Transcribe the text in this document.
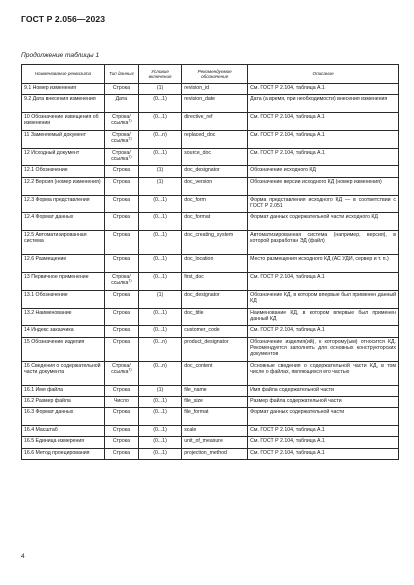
ГОСТ Р 2.056—2023
Продолжение таблицы 1
Наименование реквизита	Тип данных	Условие включения	Рекомендуемое обозначение	Описание
9.1 Номер изменения	Строка	(1)	revision_id	См. ГОСТ Р 2.104, таблица А.1
9.2 Дата внесения изменения	Дата	(0...1)	revision_date	Дата (а время, при необходимости) внесения изменения
10 Обозначение извещения об изменении	Строка/ссылка$^{1)}$	(0...1)	directive_ref	См. ГОСТ Р 2.104, таблица А.1
11 Заменяемый документ	Строка/ссылка$^{1)}$	(0...n)	replaced_doc	См. ГОСТ Р 2.104, таблица А.1
12 Исходный документ	Строка/ссылка$^{1)}$	(0...1)	source_doc	См. ГОСТ Р 2.104, таблица А.1
12.1 Обозначение	Строка	(1)	doc_designator	Обозначение исходного КД
12.2 Версия (номер изменения)	Строка	(1)	doc_version	Обозначение версии исходного КД (номер изменения)
12.3 Форма представления	Строка	(0...1)	doc_form	Форма представления исходного КД — в соответствии с ГОСТ Р 2.051
12.4 Формат данных	Строка	(0...1)	doc_format	Формат данных содержательной части исходного КД
12.5 Автоматизированная система	Строка	(0...1)	doc_creating_system	Автоматизированная система (например, версия), в которой разработан ЭД (файл)
12.6 Размещение	Строка	(0...1)	doc_location	Место размещения исходного КД (АС УДИ, сервер и т. п.)
13 Первичное применение	Строка/ссылка$^{1)}$	(0...1)	first_doc	См. ГОСТ Р 2.104, таблица А.1
13.1 Обозначение	Строка	(1)	doc_designator	Обозначение КД, в котором впервые был применен данный КД
13.2 Наименование	Строка	(0...1)	doc_title	Наименование КД, в котором впервые был применен данный КД
14 Индекс заказчика	Строка	(0...1)	customer_code	См. ГОСТ Р 2.104, таблица А.1
15 Обозначение изделия	Строка	(0...n)	product_designator	Обозначение изделия(ий), к которому(ым) относится КД. Рекомендуется заполнять для основных конструкторских документов
16 Сведения о содержательной части документа	Строка/ссылка$^{1)}$	(0...n)	doc_content	Основные сведения о содержательной части КД, в том числе о файлах, являющихся его частью
16.1 Имя файла	Строка	(1)	file_name	Имя файла содержательной части
16.2 Размер файла	Число	(0...1)	file_size	Размер файла содержательной части
16.3 Формат данных	Строка	(0...1)	file_format	Формат данных содержательной части
16.4 Масштаб	Строка	(0...1)	scale	См. ГОСТ Р 2.104, таблица А.1
16.5 Единица измерения	Строка	(0...1)	unit_of_measure	См. ГОСТ Р 2.104, таблица А.1
16.6 Метод проецирования	Строка	(0...1)	projection_method	См. ГОСТ Р 2.104, таблица А.1
4
